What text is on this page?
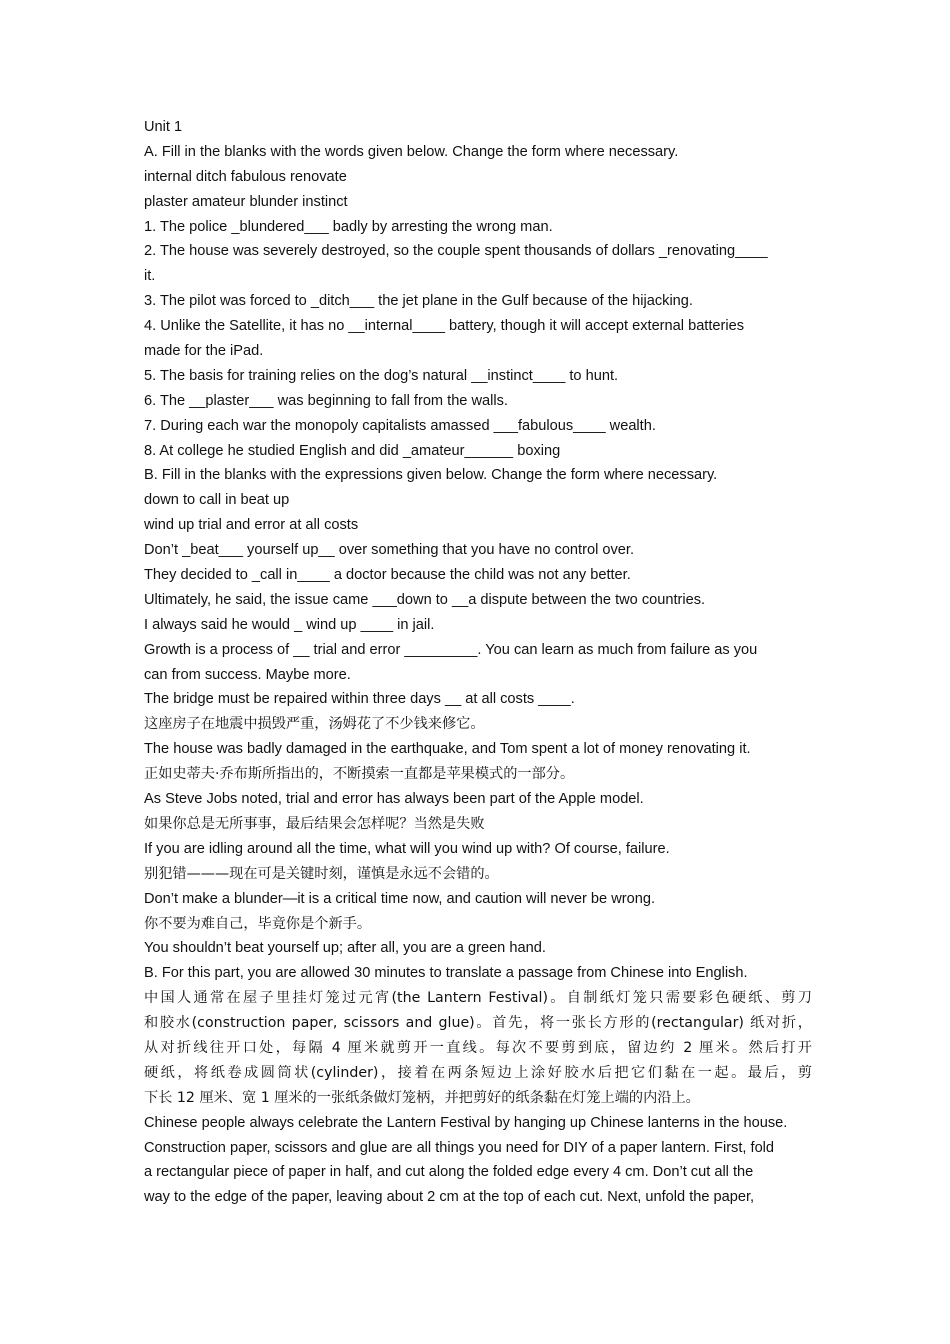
Unit 1
A. Fill in the blanks with the words given below. Change the form where necessary.
internal ditch fabulous renovate
plaster amateur blunder instinct
1. The police _blundered___ badly by arresting the wrong man.
2. The house was severely destroyed, so the couple spent thousands of dollars _renovating____
it.
3. The pilot was forced to _ditch___ the jet plane in the Gulf because of the hijacking.
4. Unlike the Satellite, it has no __internal____ battery, though it will accept external batteries
made for the iPad.
5. The basis for training relies on the dog’s natural __instinct____ to hunt.
6. The __plaster___ was beginning to fall from the walls.
7. During each war the monopoly capitalists amassed ___fabulous____ wealth.
8. At college he studied English and did _amateur______ boxing
B. Fill in the blanks with the expressions given below. Change the form where necessary.
down to call in beat up
wind up trial and error at all costs
Don’t _beat___ yourself up__ over something that you have no control over.
They decided to _call in____ a doctor because the child was not any better.
Ultimately, he said, the issue came ___down to __a dispute between the two countries.
I always said he would _ wind up ____ in jail.
Growth is a process of __ trial and error _________. You can learn as much from failure as you
can from success. Maybe more.
The bridge must be repaired within three days __ at all costs ____.
这座房子在地震中损毁严重，汤姆花了不少钱来修它。
The house was badly damaged in the earthquake, and Tom spent a lot of money renovating it.
正如史蒂夫·乔布斯所指出的，不断摸索一直都是苹果模式的一部分。
As Steve Jobs noted, trial and error has always been part of the Apple model.
如果你总是无所事事，最后结果会怎样呢？当然是失败
If you are idling around all the time, what will you wind up with? Of course, failure.
别犯错———现在可是关键时刻，谨慎是永远不会错的。
Don’t make a blunder—it is a critical time now, and caution will never be wrong.
你不要为难自己，毕竟你是个新手。
You shouldn’t beat yourself up; after all, you are a green hand.
B. For this part, you are allowed 30 minutes to translate a passage from Chinese into English.
中国人通常在屋子里挂灯笼过元宵(the Lantern Festival)。自制纸灯笼只需要彩色硬纸、剪刀
和胶水(construction paper, scissors and glue)。首先，将一张长方形的(rectangular) 纸对折，
从对折线往开口处，每隔 4 厘米就剪开一直线。每次不要剪到底，留边约 2 厘米。然后打开
硬纸，将纸卷成圆筒状(cylinder)，接着在两条短边上涂好胶水后把它们黏在一起。最后，剪
下长 12 厘米、宽 1 厘米的一张纸条做灯笼柄，并把剪好的纸条黏在灯笼上端的内沿上。
Chinese people always celebrate the Lantern Festival by hanging up Chinese lanterns in the house.
Construction paper, scissors and glue are all things you need for DIY of a paper lantern. First, fold
a rectangular piece of paper in half, and cut along the folded edge every 4 cm. Don’t cut all the
way to the edge of the paper, leaving about 2 cm at the top of each cut. Next, unfold the paper,
